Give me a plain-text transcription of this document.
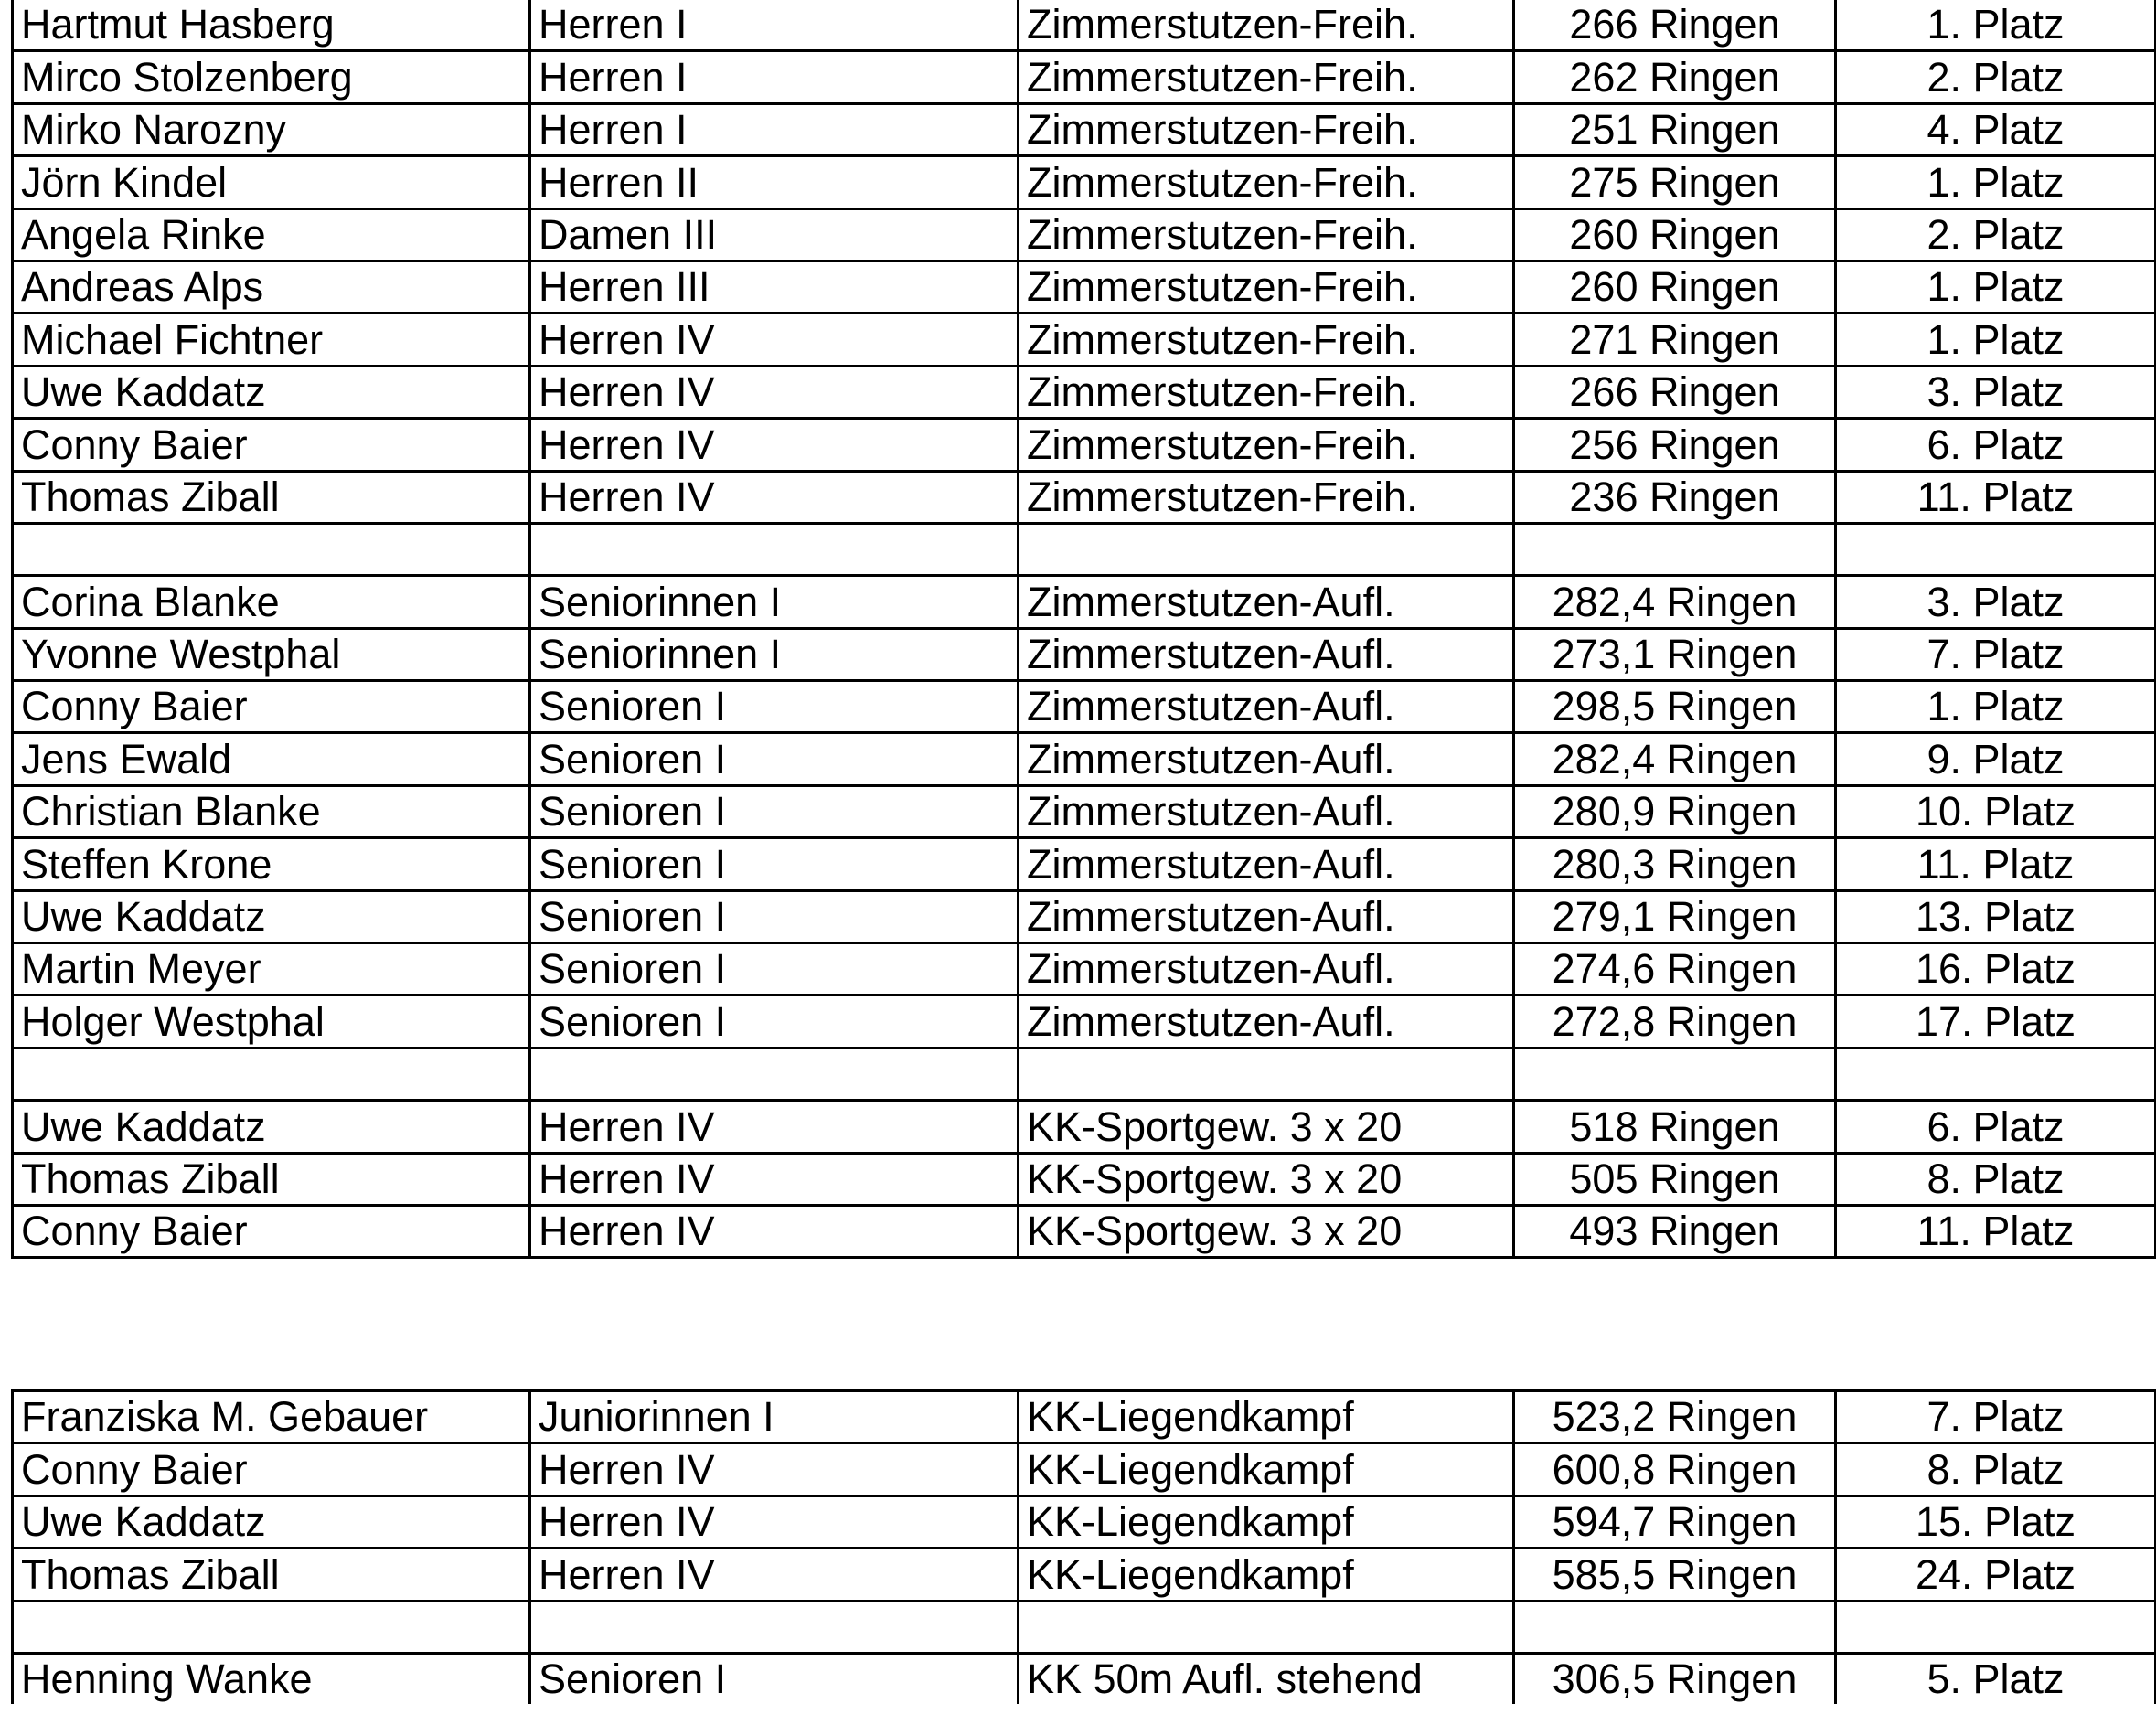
Hartmut Hasberg	Herren I	Zimmerstutzen-Freih.	266 Ringen	1. Platz
Mirco Stolzenberg	Herren I	Zimmerstutzen-Freih.	262 Ringen	2. Platz
Mirko Narozny	Herren I	Zimmerstutzen-Freih.	251 Ringen	4. Platz
Jörn Kindel	Herren II	Zimmerstutzen-Freih.	275 Ringen	1. Platz
Angela Rinke	Damen III	Zimmerstutzen-Freih.	260 Ringen	2. Platz
Andreas Alps	Herren III	Zimmerstutzen-Freih.	260 Ringen	1. Platz
Michael Fichtner	Herren IV	Zimmerstutzen-Freih.	271 Ringen	1. Platz
Uwe Kaddatz	Herren IV	Zimmerstutzen-Freih.	266 Ringen	3. Platz
Conny Baier	Herren IV	Zimmerstutzen-Freih.	256 Ringen	6. Platz
Thomas Ziball	Herren IV	Zimmerstutzen-Freih.	236 Ringen	11. Platz

Corina Blanke	Seniorinnen I	Zimmerstutzen-Aufl.	282,4 Ringen	3. Platz
Yvonne Westphal	Seniorinnen I	Zimmerstutzen-Aufl.	273,1 Ringen	7. Platz
Conny Baier	Senioren I	Zimmerstutzen-Aufl.	298,5 Ringen	1. Platz
Jens Ewald	Senioren I	Zimmerstutzen-Aufl.	282,4 Ringen	9. Platz
Christian Blanke	Senioren I	Zimmerstutzen-Aufl.	280,9 Ringen	10. Platz
Steffen Krone	Senioren I	Zimmerstutzen-Aufl.	280,3 Ringen	11. Platz
Uwe Kaddatz	Senioren I	Zimmerstutzen-Aufl.	279,1 Ringen	13. Platz
Martin Meyer	Senioren I	Zimmerstutzen-Aufl.	274,6 Ringen	16. Platz
Holger Westphal	Senioren I	Zimmerstutzen-Aufl.	272,8 Ringen	17. Platz

Uwe Kaddatz	Herren IV	KK-Sportgew. 3 x 20	518 Ringen	6. Platz
Thomas Ziball	Herren IV	KK-Sportgew. 3 x 20	505 Ringen	8. Platz
Conny Baier	Herren IV	KK-Sportgew. 3 x 20	493 Ringen	11. Platz
Franziska M. Gebauer	Juniorinnen I	KK-Liegendkampf	523,2 Ringen	7. Platz
Conny Baier	Herren IV	KK-Liegendkampf	600,8 Ringen	8. Platz
Uwe Kaddatz	Herren IV	KK-Liegendkampf	594,7 Ringen	15. Platz
Thomas Ziball	Herren IV	KK-Liegendkampf	585,5 Ringen	24. Platz

Henning Wanke	Senioren I	KK 50m Aufl. stehend	306,5 Ringen	5. Platz
